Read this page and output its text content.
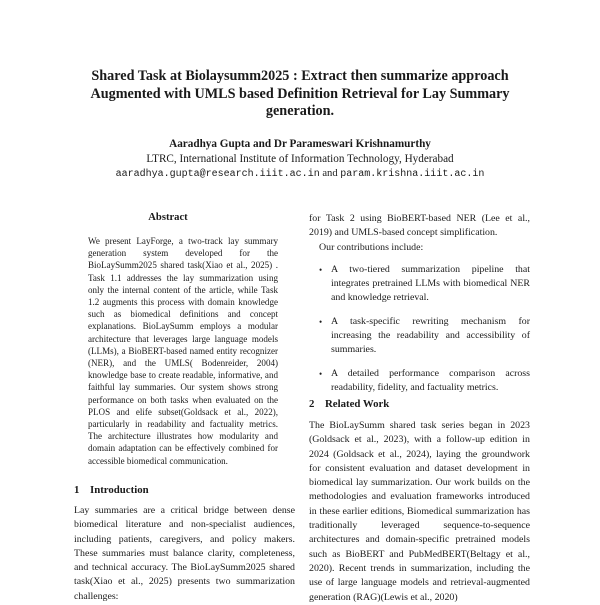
Shared Task at Biolaysumm2025 : Extract then summarize approach Augmented with UMLS based Definition Retrieval for Lay Summary generation.
Aaradhya Gupta and Dr Parameswari Krishnamurthy
LTRC, International Institute of Information Technology, Hyderabad
aaradhya.gupta@research.iiit.ac.in and param.krishna.iiit.ac.in
Abstract
We present LayForge, a two-track lay summary generation system developed for the BioLaySumm2025 shared task(Xiao et al., 2025) . Task 1.1 addresses the lay summarization using only the internal content of the article, while Task 1.2 augments this process with domain knowledge such as biomedical definitions and concept explanations. BioLaySumm employs a modular architecture that leverages large language models (LLMs), a BioBERT-based named entity recognizer (NER), and the UMLS( Bodenreider, 2004) knowledge base to create readable, informative, and faithful lay summaries. Our system shows strong performance on both tasks when evaluated on the PLOS and elife subset(Goldsack et al., 2022), particularly in readability and factuality metrics. The architecture illustrates how modularity and domain adaptation can be effectively combined for accessible biomedical communication.
1 Introduction
Lay summaries are a critical bridge between dense biomedical literature and non-specialist audiences, including patients, caregivers, and policy makers. These summaries must balance clarity, completeness, and technical accuracy. The BioLaySumm2025 shared task(Xiao et al., 2025) presents two summarization challenges:

for Task 2 using BioBERT-based NER (Lee et al., 2019) and UMLS-based concept simplification.

Our contributions include:

• A two-tiered summarization pipeline that integrates pretrained LLMs with biomedical NER and knowledge retrieval.
• A task-specific rewriting mechanism for increasing the readability and accessibility of summaries.
• A detailed performance comparison across readability, fidelity, and factuality metrics.
2 Related Work
The BioLaySumm shared task series began in 2023 (Goldsack et al., 2023), with a follow-up edition in 2024 (Goldsack et al., 2024), laying the groundwork for consistent evaluation and dataset development in biomedical lay summarization. Our work builds on the methodologies and evaluation frameworks introduced in these earlier editions, Biomedical summarization has traditionally leveraged sequence-to-sequence architectures and domain-specific pretrained models such as BioBERT and PubMedBERT(Beltagy et al., 2020). Recent trends in summarization, including the use of large language models and retrieval-augmented generation (RAG)(Lewis et al., 2020)
